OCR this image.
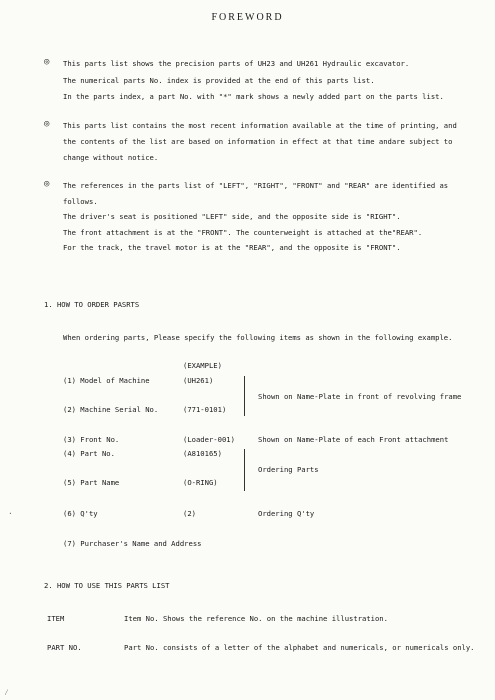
FOREWORD
◎ This parts list shows the precision parts of UH23 and UH261 Hydraulic excavator.
The numerical parts No. index is provided at the end of this parts list.
In the parts index, a part No. with "*" mark shows a newly added part on the parts list.
◎ This parts list contains the most recent information available at the time of printing, and
the contents of the list are based on information in effect at that time andare subject to
change without notice.
◎ The references in the parts list of "LEFT", "RIGHT", "FRONT" and "REAR" are identified as
follows.
The driver's seat is positioned "LEFT" side, and the opposite side is "RIGHT".
The front attachment is at the "FRONT". The counterweight is attached at the"REAR".
For the track, the travel motor is at the "REAR", and the opposite is "FRONT".
1. HOW TO ORDER PASRTS
When ordering parts, Please specify the following items as shown in the following example.
(EXAMPLE)
(1) Model of Machine	(UH261)
Shown on Name-Plate in front of revolving frame
(2) Machine Serial No.	(771-0101)
(3) Front No.	(Loader-001)	Shown on Name-Plate of each Front attachment
(4) Part No.	(A810165)
Ordering Parts
(5) Part Name	(O-RING)
(6) Q'ty	(2)	Ordering Q'ty
(7) Purchaser's Name and Address
2. HOW TO USE THIS PARTS LIST
ITEM	Item No. Shows the reference No. on the machine illustration.
PART NO.	Part No. consists of a letter of the alphabet and numericals, or numericals only.
·
⁄
